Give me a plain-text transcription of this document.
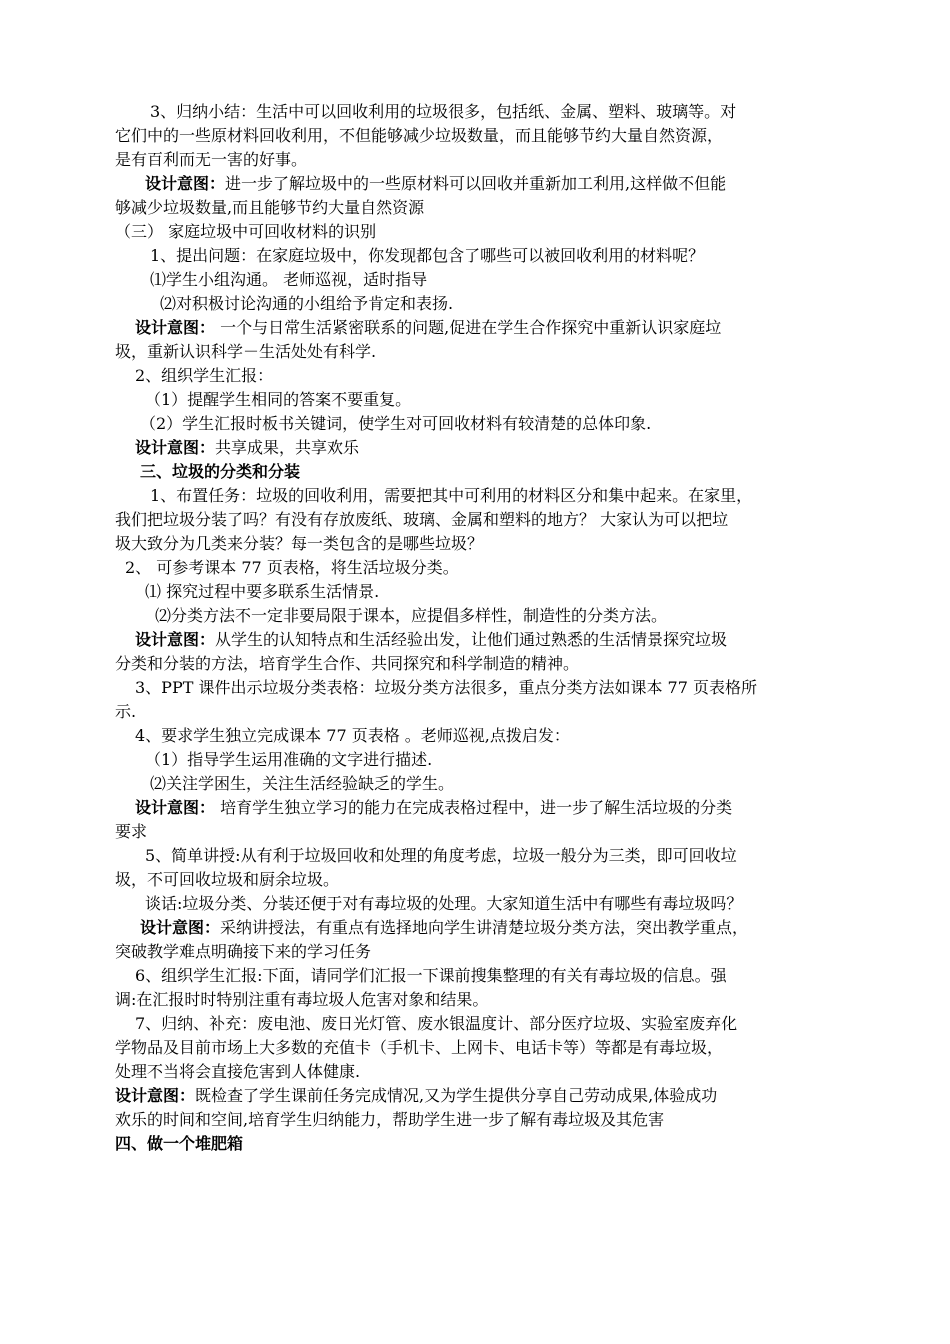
3、归纳小结：生活中可以回收利用的垃圾很多，包括纸、金属、塑料、玻璃等。对
它们中的一些原材料回收利用，不但能够减少垃圾数量，而且能够节约大量自然资源，
是有百利而无一害的好事。
设计意图：进一步了解垃圾中的一些原材料可以回收并重新加工利用,这样做不但能
够减少垃圾数量,而且能够节约大量自然资源
（三） 家庭垃圾中可回收材料的识别
1、提出问题：在家庭垃圾中，你发现都包含了哪些可以被回收利用的材料呢？
⑴学生小组沟通。 老师巡视，适时指导
⑵对积极讨论沟通的小组给予肯定和表扬.
设计意图： 一个与日常生活紧密联系的问题,促进在学生合作探究中重新认识家庭垃
圾，重新认识科学－生活处处有科学.
2、组织学生汇报：
（1）提醒学生相同的答案不要重复。
（2）学生汇报时板书关键词，使学生对可回收材料有较清楚的总体印象.
设计意图：共享成果，共享欢乐
三、垃圾的分类和分装
1、布置任务：垃圾的回收利用，需要把其中可利用的材料区分和集中起来。在家里，
我们把垃圾分装了吗？有没有存放废纸、玻璃、金属和塑料的地方？ 大家认为可以把垃
圾大致分为几类来分装？每一类包含的是哪些垃圾？
2、 可参考课本 77 页表格，将生活垃圾分类。
⑴ 探究过程中要多联系生活情景.
⑵分类方法不一定非要局限于课本，应提倡多样性，制造性的分类方法。
设计意图：从学生的认知特点和生活经验出发，让他们通过熟悉的生活情景探究垃圾
分类和分装的方法，培育学生合作、共同探究和科学制造的精神。
3、PPT 课件出示垃圾分类表格：垃圾分类方法很多，重点分类方法如课本 77 页表格所
示.
4、要求学生独立完成课本 77 页表格 。老师巡视,点拨启发：
（1）指导学生运用准确的文字进行描述.
⑵关注学困生，关注生活经验缺乏的学生。
设计意图： 培育学生独立学习的能力在完成表格过程中，进一步了解生活垃圾的分类
要求
5、简单讲授:从有利于垃圾回收和处理的角度考虑，垃圾一般分为三类，即可回收垃
圾，不可回收垃圾和厨余垃圾。
谈话:垃圾分类、分装还便于对有毒垃圾的处理。大家知道生活中有哪些有毒垃圾吗？
设计意图：采纳讲授法，有重点有选择地向学生讲清楚垃圾分类方法，突出教学重点，
突破教学难点明确接下来的学习任务
6、组织学生汇报:下面，请同学们汇报一下课前搜集整理的有关有毒垃圾的信息。强
调:在汇报时时特别注重有毒垃圾人危害对象和结果。
7、归纳、补充：废电池、废日光灯管、废水银温度计、部分医疗垃圾、实验室废弃化
学物品及目前市场上大多数的充值卡（手机卡、上网卡、电话卡等）等都是有毒垃圾，
处理不当将会直接危害到人体健康.
设计意图：既检查了学生课前任务完成情况,又为学生提供分享自己劳动成果,体验成功
欢乐的时间和空间,培育学生归纳能力，帮助学生进一步了解有毒垃圾及其危害
四、做一个堆肥箱
